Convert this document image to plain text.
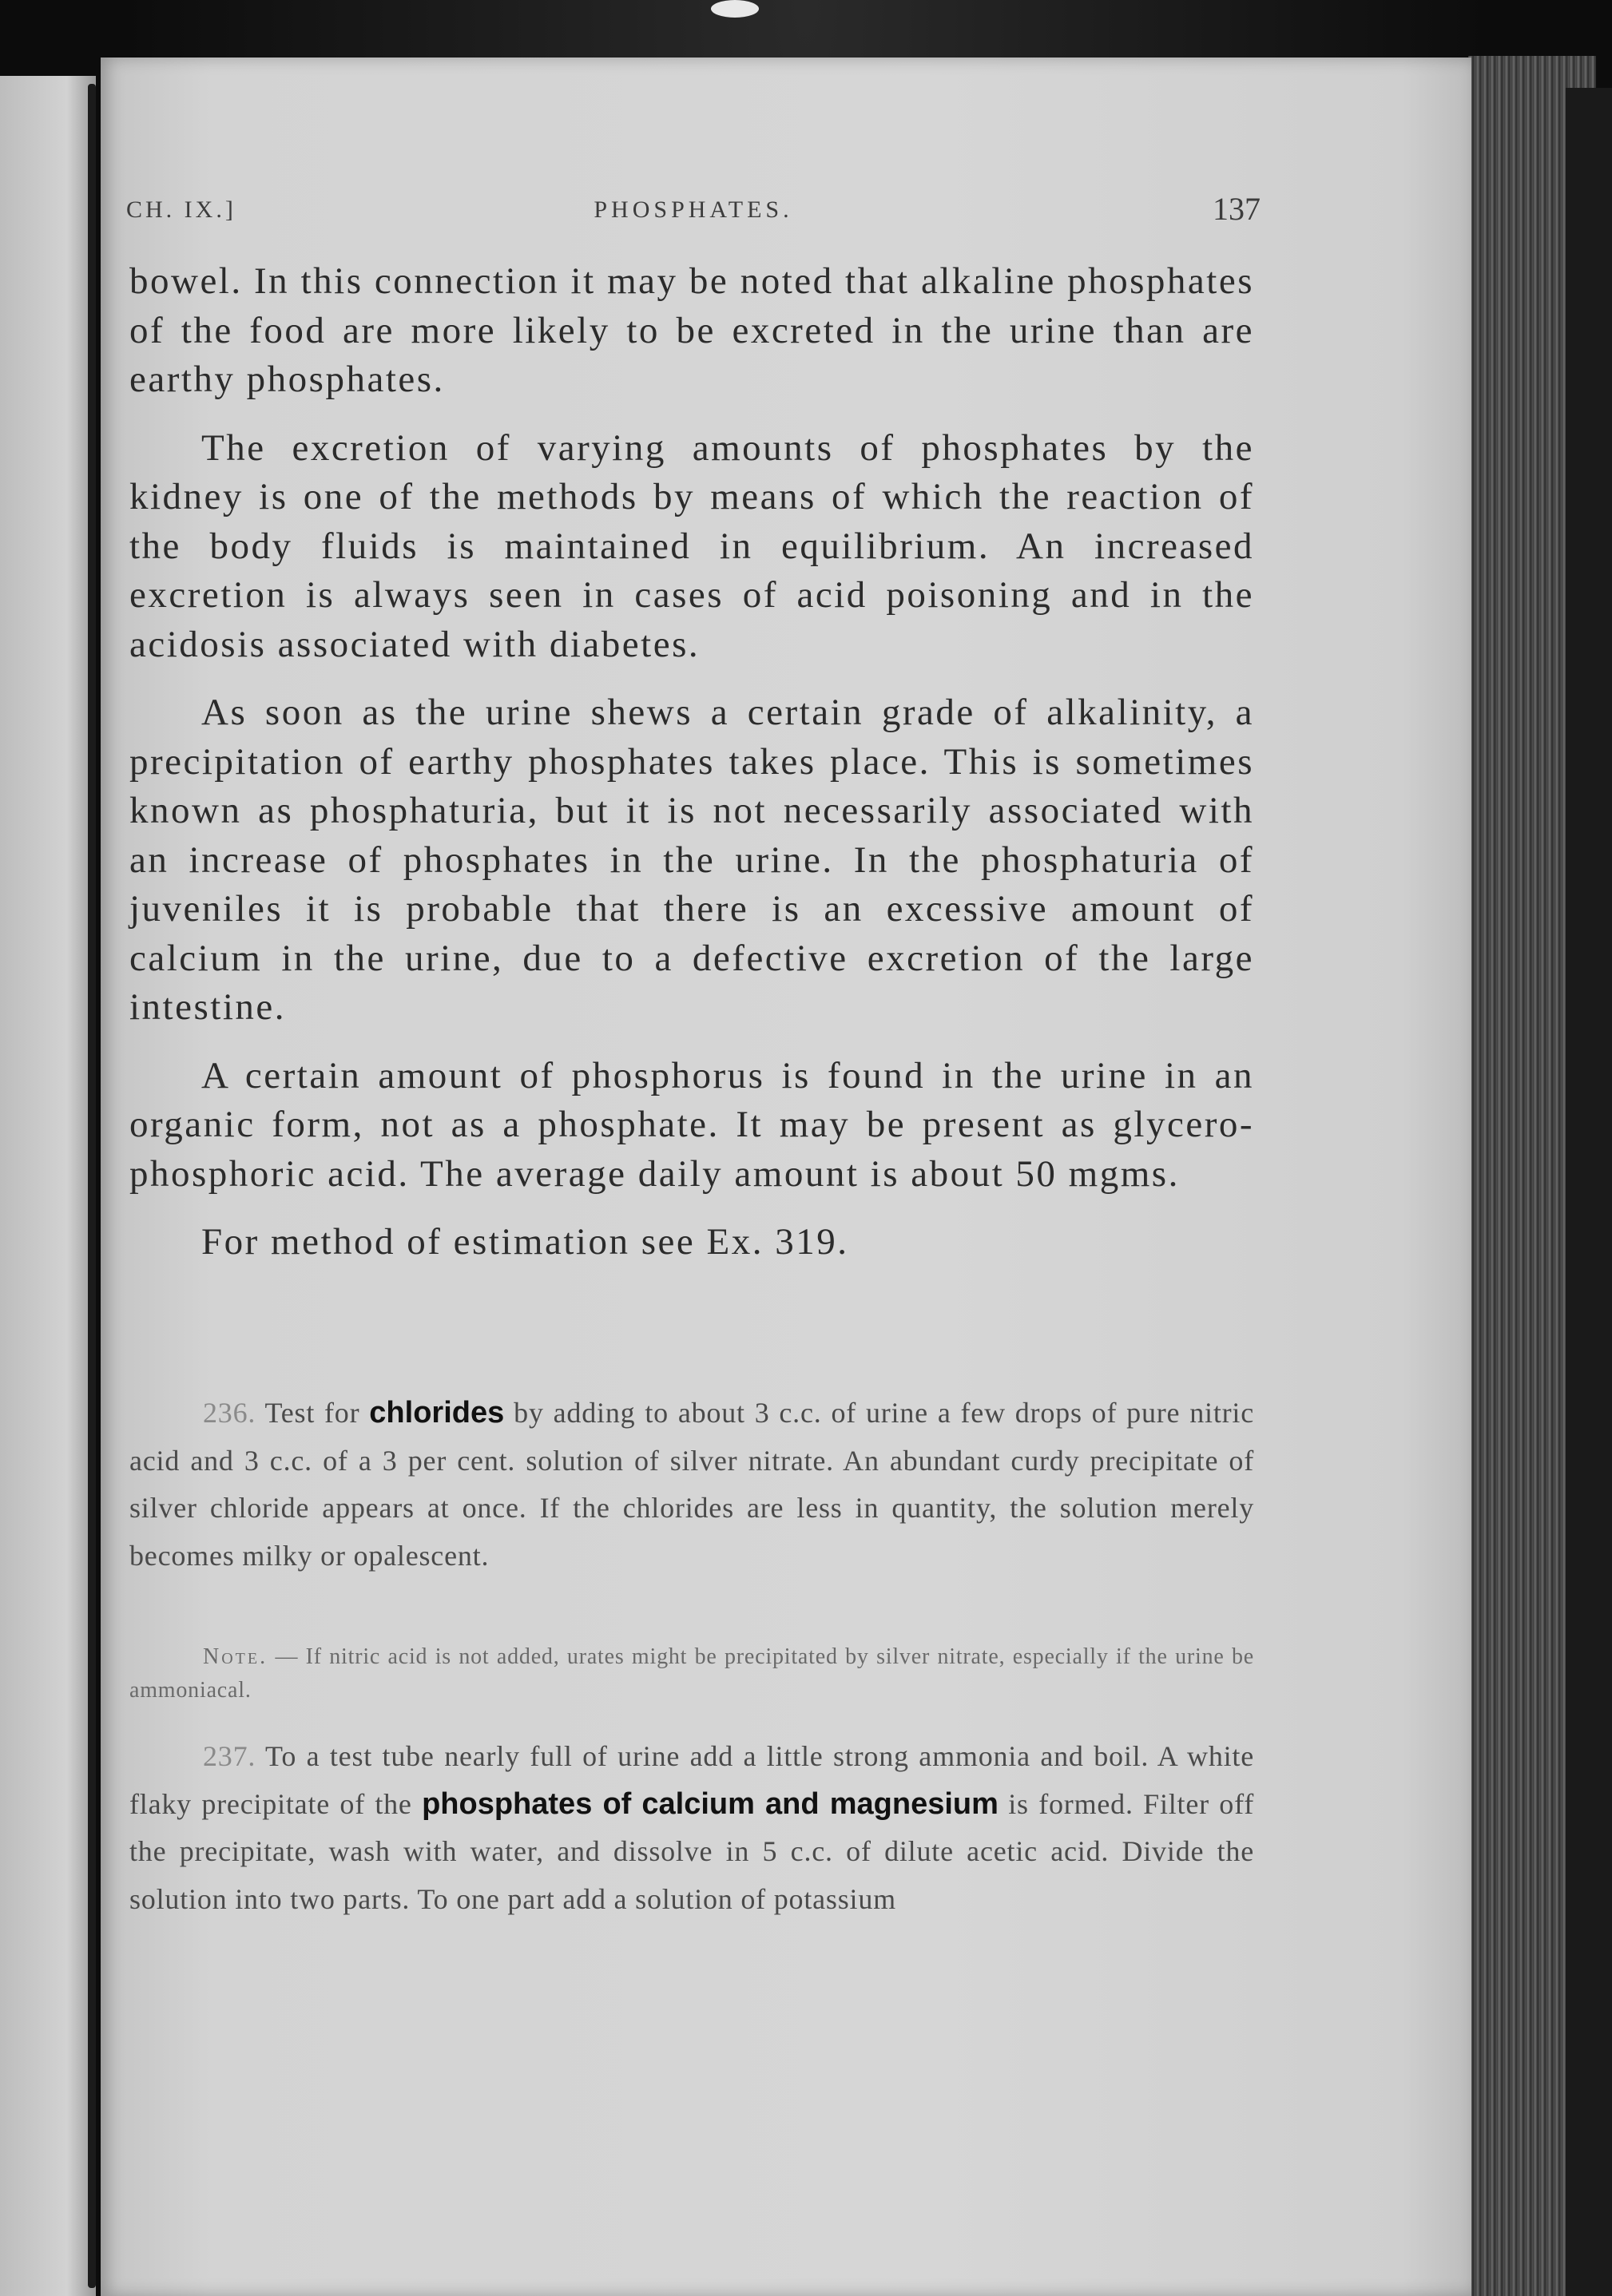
CH. IX.]	PHOSPHATES.	137

bowel. In this connection it may be noted that alkaline phosphates of the food are more likely to be excreted in the urine than are earthy phosphates.

The excretion of varying amounts of phosphates by the kidney is one of the methods by means of which the reaction of the body fluids is maintained in equilibrium. An increased excretion is always seen in cases of acid poisoning and in the acidosis associated with diabetes.

As soon as the urine shews a certain grade of alkalinity, a precipitation of earthy phosphates takes place. This is sometimes known as phosphaturia, but it is not necessarily associated with an increase of phosphates in the urine. In the phosphaturia of juveniles it is probable that there is an excessive amount of calcium in the urine, due to a defective excretion of the large intestine.

A certain amount of phosphorus is found in the urine in an organic form, not as a phosphate. It may be present as glycero-phosphoric acid. The average daily amount is about 50 mgms.

For method of estimation see Ex. 319.

236. Test for chlorides by adding to about 3 c.c. of urine a few drops of pure nitric acid and 3 c.c. of a 3 per cent. solution of silver nitrate. An abundant curdy precipitate of silver chloride appears at once. If the chlorides are less in quantity, the solution merely becomes milky or opalescent.

Note. — If nitric acid is not added, urates might be precipitated by silver nitrate, especially if the urine be ammoniacal.

237. To a test tube nearly full of urine add a little strong ammonia and boil. A white flaky precipitate of the phosphates of calcium and magnesium is formed. Filter off the precipitate, wash with water, and dissolve in 5 c.c. of dilute acetic acid. Divide the solution into two parts. To one part add a solution of potassium
